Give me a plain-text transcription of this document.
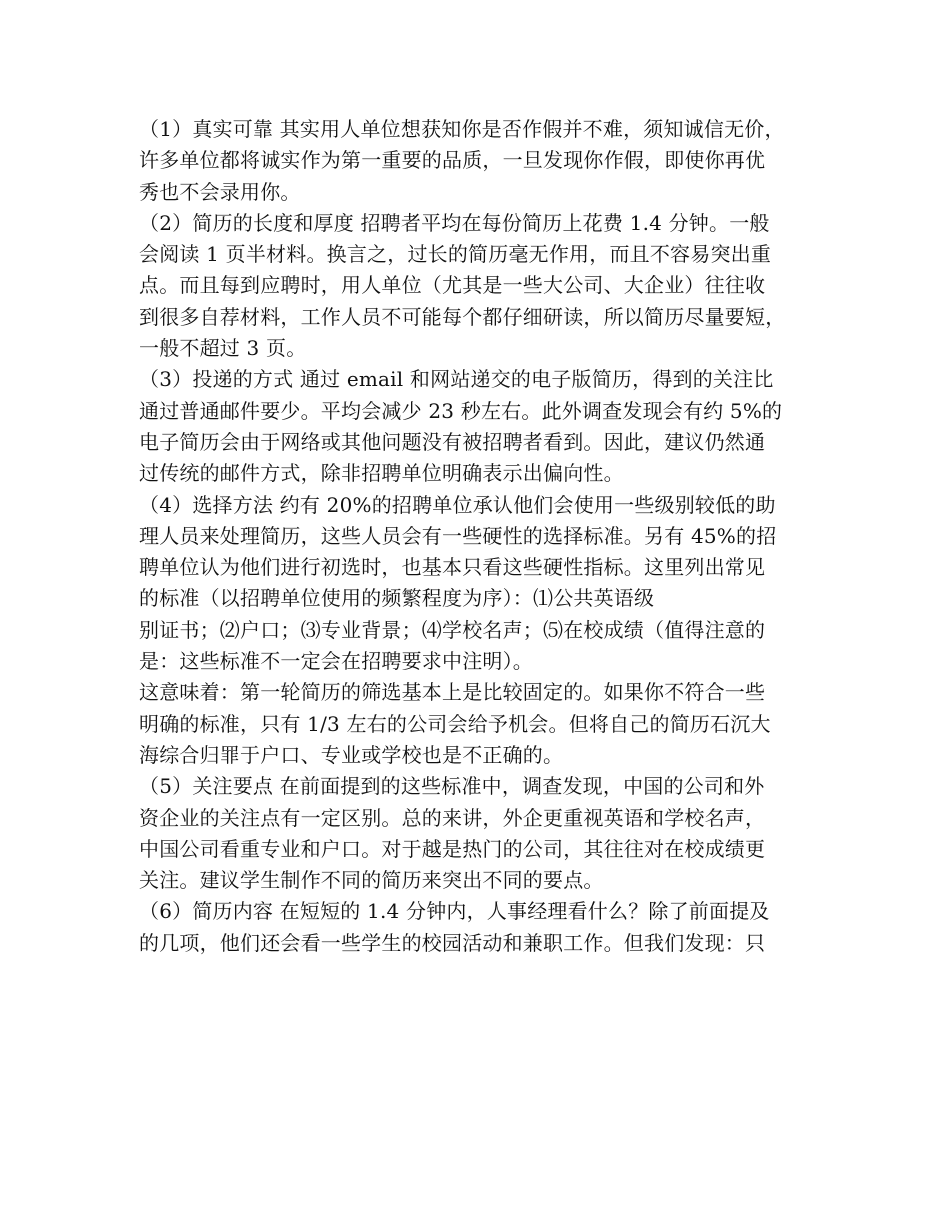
（1）真实可靠 其实用人单位想获知你是否作假并不难，须知诚信无价，
许多单位都将诚实作为第一重要的品质，一旦发现你作假，即使你再优
秀也不会录用你。
（2）简历的长度和厚度 招聘者平均在每份简历上花费 1.4 分钟。一般
会阅读 1 页半材料。换言之，过长的简历毫无作用，而且不容易突出重
点。而且每到应聘时，用人单位（尤其是一些大公司、大企业）往往收
到很多自荐材料，工作人员不可能每个都仔细研读，所以简历尽量要短，
一般不超过 3 页。
（3）投递的方式 通过 email 和网站递交的电子版简历，得到的关注比
通过普通邮件要少。平均会减少 23 秒左右。此外调查发现会有约 5%的
电子简历会由于网络或其他问题没有被招聘者看到。因此，建议仍然通
过传统的邮件方式，除非招聘单位明确表示出偏向性。
（4）选择方法 约有 20%的招聘单位承认他们会使用一些级别较低的助
理人员来处理简历，这些人员会有一些硬性的选择标准。另有 45%的招
聘单位认为他们进行初选时，也基本只看这些硬性指标。这里列出常见
的标准（以招聘单位使用的频繁程度为序）：⑴公共英语级
别证书；⑵户口；⑶专业背景；⑷学校名声；⑸在校成绩（值得注意的
是：这些标准不一定会在招聘要求中注明）。
这意味着：第一轮简历的筛选基本上是比较固定的。如果你不符合一些
明确的标准，只有 1/3 左右的公司会给予机会。但将自己的简历石沉大
海综合归罪于户口、专业或学校也是不正确的。
（5）关注要点 在前面提到的这些标准中，调查发现，中国的公司和外
资企业的关注点有一定区别。总的来讲，外企更重视英语和学校名声，
中国公司看重专业和户口。对于越是热门的公司，其往往对在校成绩更
关注。建议学生制作不同的简历来突出不同的要点。
（6）简历内容 在短短的 1.4 分钟内，人事经理看什么？除了前面提及
的几项，他们还会看一些学生的校园活动和兼职工作。但我们发现：只
